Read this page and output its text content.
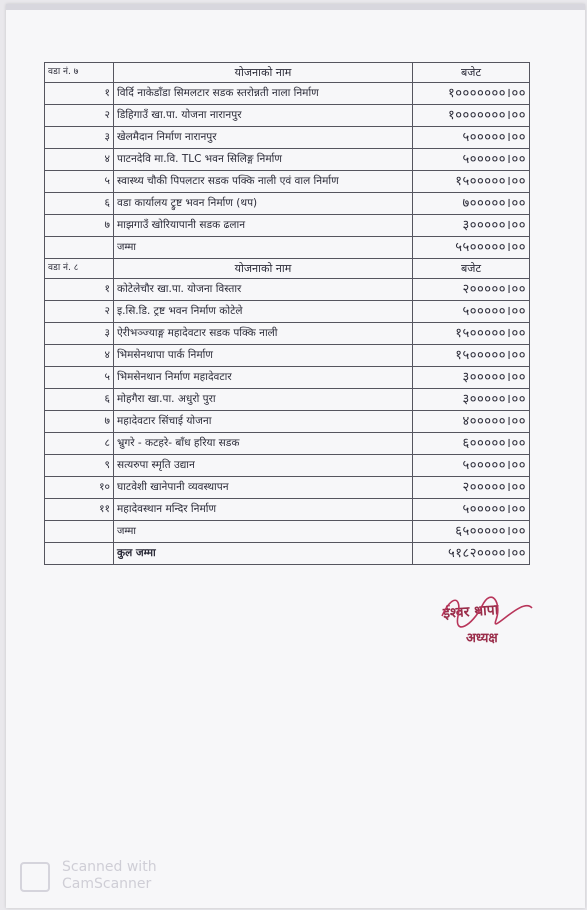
वडा नं. ७	योजनाको नाम	बजेट
१	विर्दि नाकेडाँडा सिमलटार सडक स्तरोन्नती नाला निर्माण	१०००००००।००
२	डिहिगाउँ खा.पा. योजना नारानपुर	१०००००००।००
३	खेलमैदान निर्माण नारानपुर	५०००००।००
४	पाटनदेवि मा.वि. TLC भवन सिलिङ्ग निर्माण	५०००००।००
५	स्वास्थ्य चौकी पिपलटार सडक पक्कि नाली एवं वाल निर्माण	१५०००००।००
६	वडा कार्यालय ट्रुष्ट भवन निर्माण (थप)	७०००००।००
७	माझगाउँ खोरियापानी सडक ढलान	३०००००।००
	जम्मा	५५०००००।००
वडा नं. ८	योजनाको नाम	बजेट
१	कोटेलेचौर खा.पा. योजना विस्तार	२०००००।००
२	इ.सि.डि. ट्रष्ट भवन निर्माण कोटेले	५०००००।००
३	ऐरीभञ्ज्याङ्ग महादेवटार सडक पक्कि नाली	१५०००००।००
४	भिमसेनथापा पार्क निर्माण	१५०००००।००
५	भिमसेनथान निर्माण महादेवटार	३०००००।००
६	मोहगैरा खा.पा. अधुरो पुरा	३०००००।००
७	महादेवटार सिंचाई योजना	४०००००।००
८	भ्रुगरे - कटहरे- बाँध हरिया सडक	६०००००।००
९	सत्यरुपा स्मृति उद्यान	५०००००।००
१०	घाटवेशी खानेपानी व्यवस्थापन	२०००००।००
११	महादेवस्थान मन्दिर निर्माण	५०००००।००
	जम्मा	६५०००००।००
	कुल जम्मा	५१८२००००।००
ईश्वर थापा
अध्यक्ष
Scanned with
CamScanner
